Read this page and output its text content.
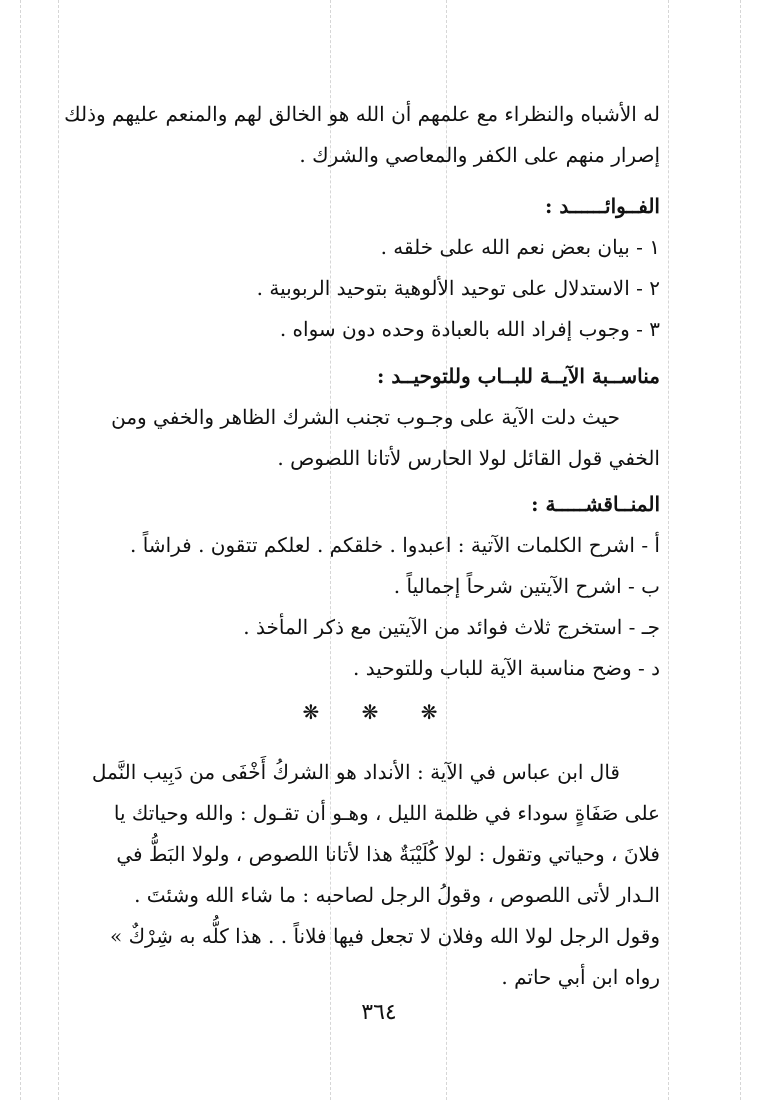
له الأشباه والنظراء مع علمهم أن الله هو الخالق لهم والمنعم عليهم وذلك
إصرار منهم على الكفر والمعاصي والشرك .
الفــوائــــــد :
١ - بيان بعض نعم الله على خلقه .
٢ - الاستدلال على توحيد الألوهية بتوحيد الربوبية .
٣ - وجوب إفراد الله بالعبادة وحده دون سواه .
مناســبة الآيــة للبــاب وللتوحيــد :
حيث دلت الآية على وجـوب تجنب الشرك الظاهر والخفي ومن
الخفي قول القائل لولا الحارس لأتانا اللصوص .
المنــاقشـــــة :
أ - اشرح الكلمات الآتية : اعبدوا . خلقكم . لعلكم تتقون . فراشاً .
ب - اشرح الآيتين شرحاً إجمالياً .
جـ - استخرج ثلاث فوائد من الآيتين مع ذكر المأخذ .
د - وضح مناسبة الآية للباب وللتوحيد .
❋ ❋ ❋
قال ابن عباس في الآية : الأنداد هو الشركُ أَخْفَى من دَبِيب النَّمل
على صَفَاةٍ سوداء في ظلمة الليل ، وهـو أن تقـول : والله وحياتك يا
فلانَ ، وحياتي وتقول : لولا كُلَيْبَةٌ هذا لأتانا اللصوص ، ولولا البَطُّ في
الـدار لأتى اللصوص ، وقولُ الرجل لصاحبه : ما شاء الله وشئتَ .
وقول الرجل لولا الله وفلان لا تجعل فيها فلاناً . . هذا كلُّه به شِرْكٌ »
رواه ابن أبي حاتم .
٣٦٤
